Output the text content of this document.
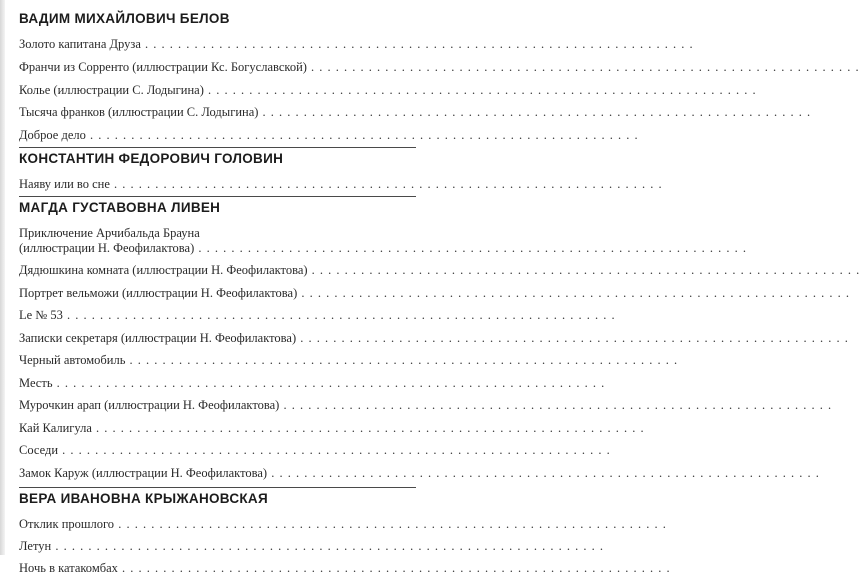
ВАДИМ МИХАЙЛОВИЧ БЕЛОВ
Золото капитана Друза . . .
Франчи из Сорренто (иллюстрации Кс. Богуславской) . . .
Колье (иллюстрации С. Лодыгина) . . .
Тысяча франков (иллюстрации С. Лодыгина) . . .
Доброе дело . . .
КОНСТАНТИН ФЕДОРОВИЧ ГОЛОВИН
Наяву или во сне . . .
МАГДА ГУСТАВОВНА ЛИВЕН
Приключение Арчибальда Брауна
(иллюстрации Н. Феофилактова) . . .
Дядюшкина комната (иллюстрации Н. Феофилактова) . . .
Портрет вельможи (иллюстрации Н. Феофилактова) . . .
Le № 53 . . .
Записки секретаря (иллюстрации Н. Феофилактова) . . .
Черный автомобиль . . .
Месть . . .
Мурочкин арап (иллюстрации Н. Феофилактова) . . .
Кай Калигула . . .
Соседи . . .
Замок Каруж (иллюстрации Н. Феофилактова) . . .
ВЕРА ИВАНОВНА КРЫЖАНОВСКАЯ
Отклик прошлого . . .
Летун . . .
Ночь в катакомбах . . .
